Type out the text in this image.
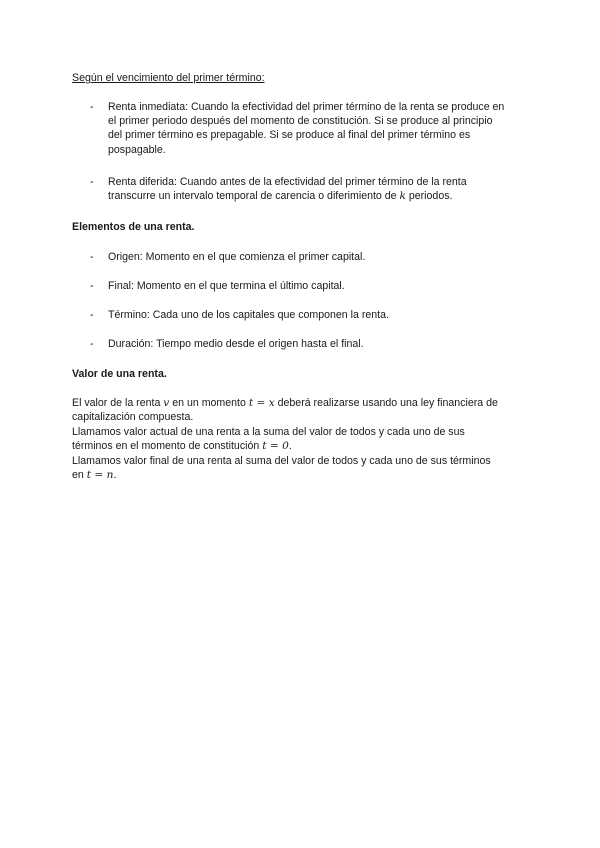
Según el vencimiento del primer término:
- Renta inmediata: Cuando la efectividad del primer término de la renta se produce en
el primer periodo después del momento de constitución. Si se produce al principio
del primer término es prepagable. Si se produce al final del primer término es
pospagable.
- Renta diferida: Cuando antes de la efectividad del primer término de la renta
transcurre un intervalo temporal de carencia o diferimiento de k periodos.
Elementos de una renta.
- Origen: Momento en el que comienza el primer capital.
- Final: Momento en el que termina el último capital.
- Término: Cada uno de los capitales que componen la renta.
- Duración: Tiempo medio desde el origen hasta el final.
Valor de una renta.
El valor de la renta v en un momento t = x deberá realizarse usando una ley financiera de
capitalización compuesta.
Llamamos valor actual de una renta a la suma del valor de todos y cada uno de sus
términos en el momento de constitución t = 0.
Llamamos valor final de una renta al suma del valor de todos y cada uno de sus términos
en t = n.
